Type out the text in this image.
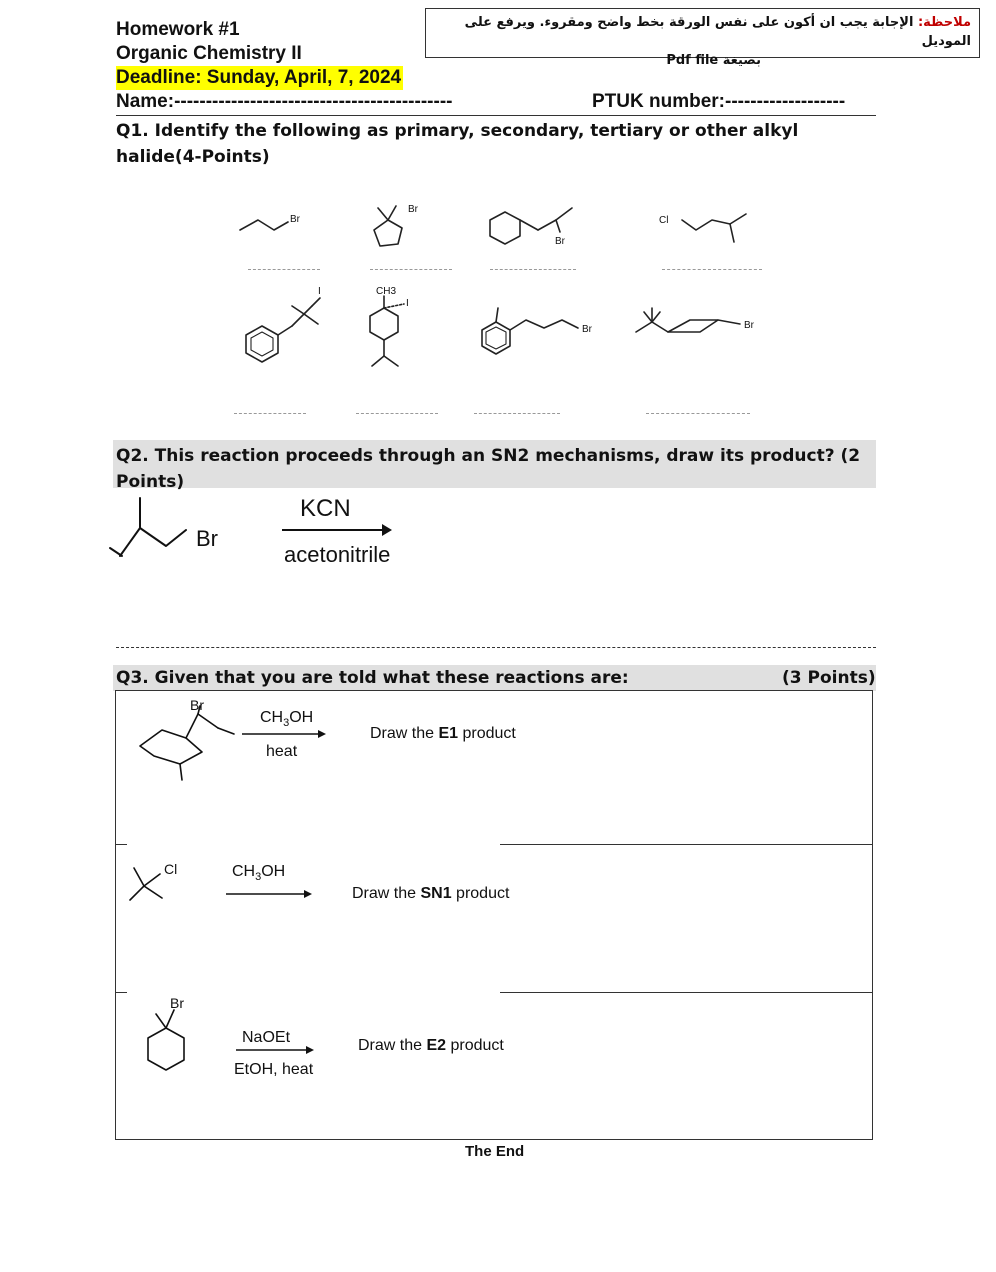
Homework #1
Organic Chemistry II
Deadline: Sunday, April, 7, 2024
Name:--------------------------------------------	PTUK number:-------------------
ملاحظة: الإجابة يجب ان أكون على نفس الورقة بخط واضح ومقروء. ويرفع على الموديل
بصيغة Pdf file
Q1. Identify the following as primary, secondary, tertiary or other alkyl halide(4-Points)
Br
Br
Br
Cl
I	CH3
I
Br	Br
Q2. This reaction proceeds through an SN2 mechanisms, draw its product? (2 Points)
Br
KCN
acetonitrile
Q3. Given that you are told what these reactions are:	(3 Points)
Br
$CH_3OH$
heat
Draw the E1 product
Cl	$CH_3OH$
Draw the SN1 product
Br
NaOEt
EtOH, heat
Draw the E2 product
The End
